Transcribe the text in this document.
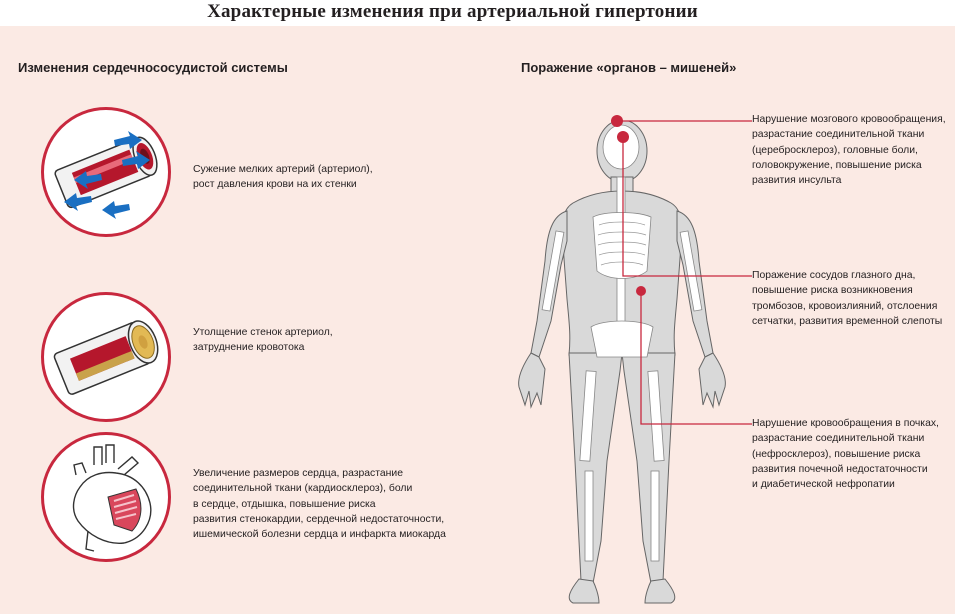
Характерные изменения при артериальной гипертонии
Изменения сердечнососудистой системы	Поражение «органов – мишеней»
Сужение мелких артерий (артериол),
рост давления крови на их стенки
Утолщение стенок артериол,
затруднение кровотока
Увеличение размеров сердца, разрастание
соединительной ткани (кардиосклероз), боли
в сердце, отдышка, повышение риска
развития стенокардии, сердечной недостаточности,
ишемической болезни сердца и инфаркта миокарда
Нарушение мозгового кровообращения,
разрастание соединительной ткани
(церебросклероз), головные боли,
головокружение, повышение риска
развития инсульта
Поражение сосудов глазного дна,
повышение риска возникновения
тромбозов, кровоизлияний, отслоения
сетчатки, развития временной слепоты
Нарушение кровообращения в почках,
разрастание соединительной ткани
(нефросклероз), повышение риска
развития почечной недостаточности
и диабетической нефропатии
